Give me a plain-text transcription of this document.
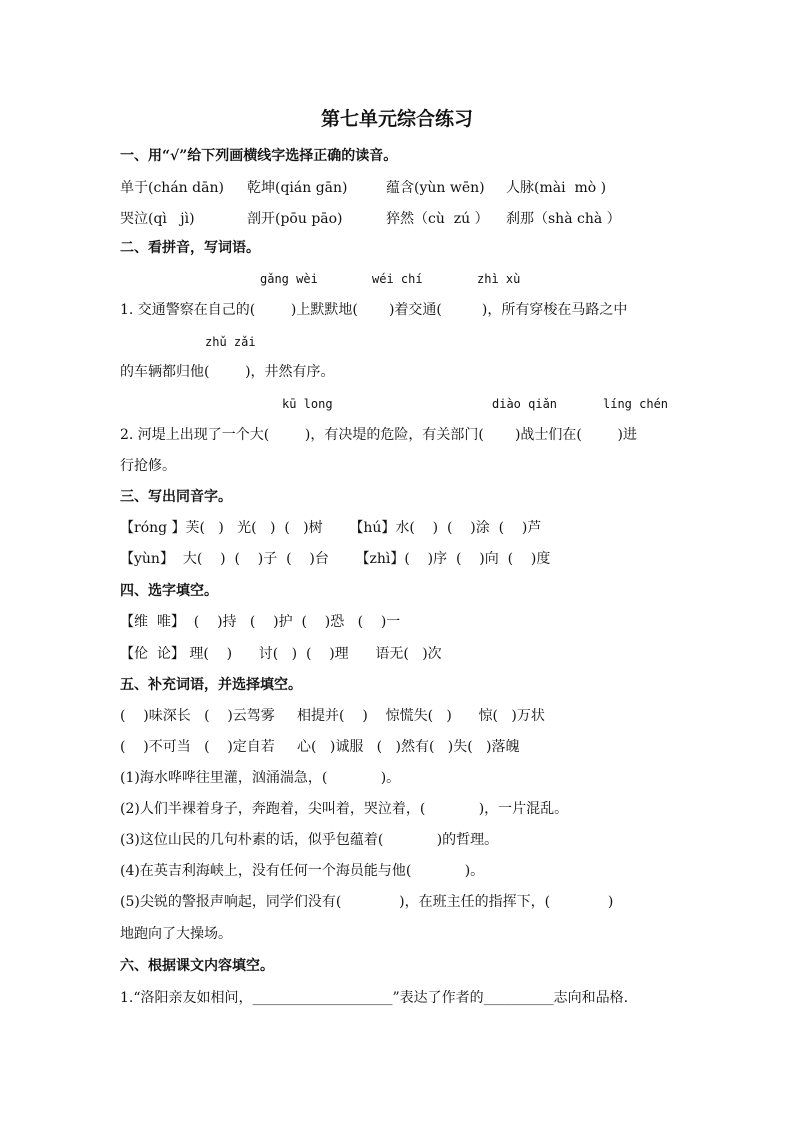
第七单元综合练习
一、用“√”给下列画横线字选择正确的读音。
单于(chán dān) 乾坤(qián gān)	蕴含(yùn wēn) 人脉(mài  mò )
哭泣(qì   jì)	剖开(pōu pāo)	猝然（cù  zú ） 刹那（shà chà ）
二、看拼音，写词语。
gǎng wèi	wéi chí	zhì xù
1. 交通警察在自己的(        )上默默地(       )着交通(         )，所有穿梭在马路之中
zhǔ zǎi
的车辆都归他(        )，井然有序。
kū long	diào qiǎn	líng chén
2. 河堤上出现了一个大(        )，有决堤的危险，有关部门(       )战士们在(        )进
行抢修。
三、写出同音字。
【róng 】芙(   )   光(   )  (   )树      【hú】水(    )  (    )涂  (    )芦
【yùn】  大(    )  (    )子  (    )台      【zhì】(    )序  (    )向  (    )度
四、选字填空。
【维  唯】  (    )持   (    )护  (    )恐   (    )一
【伦  论】 理(    )      讨(   )  (    )理      语无(   )次
五、补充词语，并选择填空。
(    )味深长   (    )云驾雾     相提并(    )    惊慌失(   )      惊(   )万状
(    )不可当   (    )定自若     心(   )诚服   (   )然有(   )失(   )落魄
(1)海水哗哗往里灌，汹涌湍急，(            )。
(2)人们半裸着身子，奔跑着，尖叫着，哭泣着，(            )，一片混乱。
(3)这位山民的几句朴素的话，似乎包蕴着(            )的哲理。
(4)在英吉利海峡上，没有任何一个海员能与他(            )。
(5)尖锐的警报声响起，同学们没有(             )，在班主任的指挥下，(             )
地跑向了大操场。
六、根据课文内容填空。
1.“洛阳亲友如相问，____________________”表达了作者的__________志向和品格.
